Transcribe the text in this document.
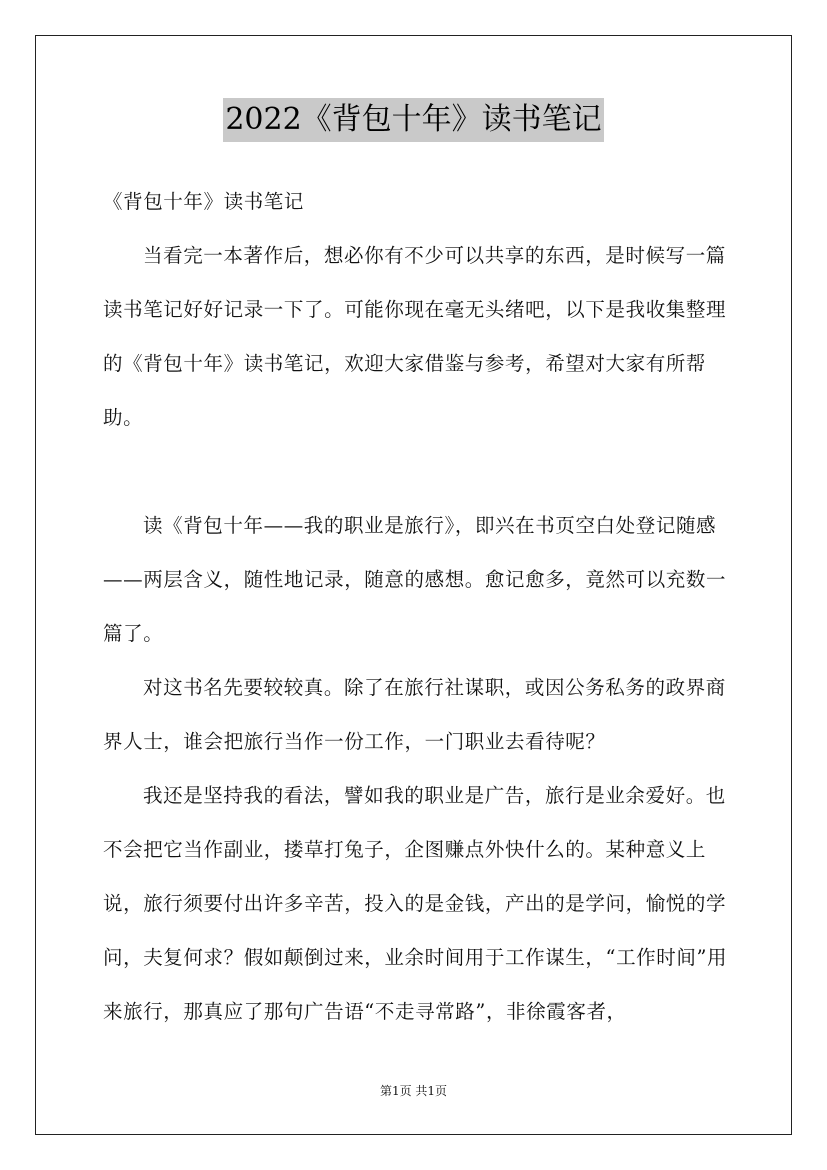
2022《背包十年》读书笔记

《背包十年》读书笔记

当看完一本著作后，想必你有不少可以共享的东西，是时候写一篇读书笔记好好记录一下了。可能你现在毫无头绪吧，以下是我收集整理的《背包十年》读书笔记，欢迎大家借鉴与参考，希望对大家有所帮助。

读《背包十年——我的职业是旅行》，即兴在书页空白处登记随感——两层含义，随性地记录，随意的感想。愈记愈多，竟然可以充数一篇了。

对这书名先要较较真。除了在旅行社谋职，或因公务私务的政界商界人士，谁会把旅行当作一份工作，一门职业去看待呢？

我还是坚持我的看法，譬如我的职业是广告，旅行是业余爱好。也不会把它当作副业，搂草打兔子，企图赚点外快什么的。某种意义上说，旅行须要付出许多辛苦，投入的是金钱，产出的是学问，愉悦的学问，夫复何求？假如颠倒过来，业余时间用于工作谋生，“工作时间”用来旅行，那真应了那句广告语“不走寻常路”，非徐霞客者，

第1页 共1页
